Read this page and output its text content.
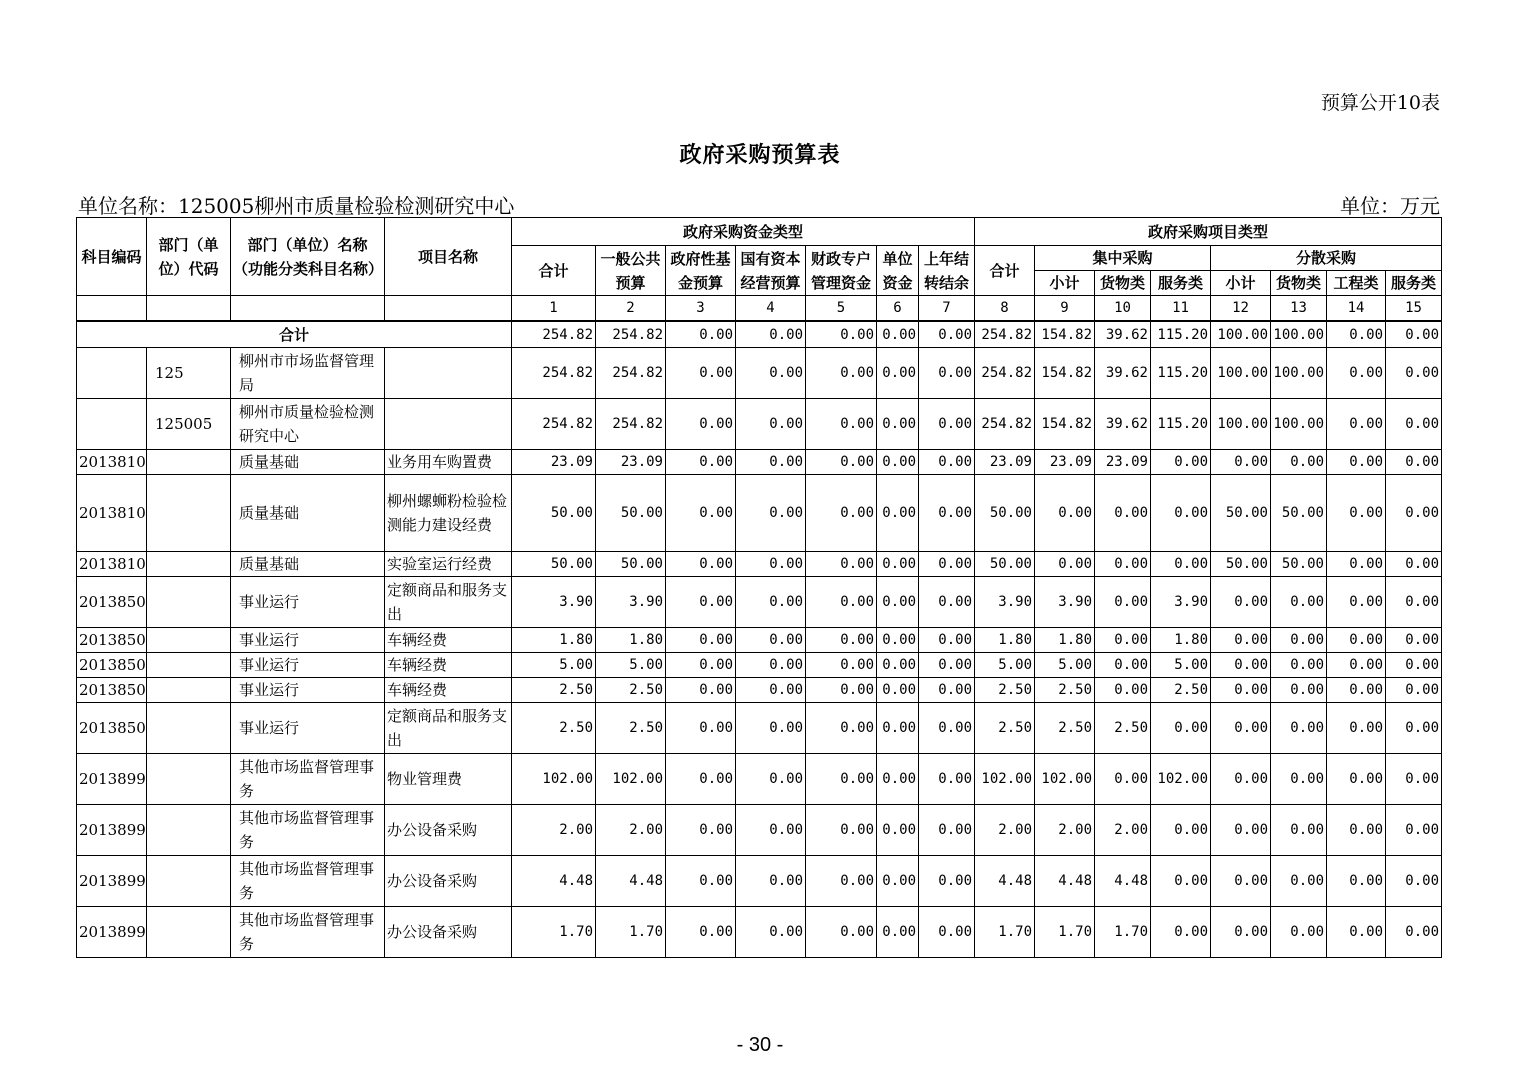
预算公开10表
政府采购预算表
单位名称：125005柳州市质量检验检测研究中心	单位：万元
科目编码	部门（单位）代码	部门（单位）名称（功能分类科目名称）	项目名称	政府采购资金类型							政府采购项目类型							
				合计	一般公共预算	政府性基金预算	国有资本经营预算	财政专户管理资金	单位资金	上年结转结余	合计	集中采购			分散采购			
												小计	货物类	服务类	小计	货物类	工程类	服务类
				1	2	3	4	5	6	7	8	9	10	11	12	13	14	15
合计				254.82	254.82	0.00	0.00	0.00	0.00	0.00	254.82	154.82	39.62	115.20	100.00	100.00	0.00	0.00
	125	柳州市市场监督管理局		254.82	254.82	0.00	0.00	0.00	0.00	0.00	254.82	154.82	39.62	115.20	100.00	100.00	0.00	0.00
	125005	柳州市质量检验检测研究中心		254.82	254.82	0.00	0.00	0.00	0.00	0.00	254.82	154.82	39.62	115.20	100.00	100.00	0.00	0.00
2013810		质量基础	业务用车购置费	23.09	23.09	0.00	0.00	0.00	0.00	0.00	23.09	23.09	23.09	0.00	0.00	0.00	0.00	0.00
2013810		质量基础	柳州螺蛳粉检验检测能力建设经费	50.00	50.00	0.00	0.00	0.00	0.00	0.00	50.00	0.00	0.00	0.00	50.00	50.00	0.00	0.00
2013810		质量基础	实验室运行经费	50.00	50.00	0.00	0.00	0.00	0.00	0.00	50.00	0.00	0.00	0.00	50.00	50.00	0.00	0.00
2013850		事业运行	定额商品和服务支出	3.90	3.90	0.00	0.00	0.00	0.00	0.00	3.90	3.90	0.00	3.90	0.00	0.00	0.00	0.00
2013850		事业运行	车辆经费	1.80	1.80	0.00	0.00	0.00	0.00	0.00	1.80	1.80	0.00	1.80	0.00	0.00	0.00	0.00
2013850		事业运行	车辆经费	5.00	5.00	0.00	0.00	0.00	0.00	0.00	5.00	5.00	0.00	5.00	0.00	0.00	0.00	0.00
2013850		事业运行	车辆经费	2.50	2.50	0.00	0.00	0.00	0.00	0.00	2.50	2.50	0.00	2.50	0.00	0.00	0.00	0.00
2013850		事业运行	定额商品和服务支出	2.50	2.50	0.00	0.00	0.00	0.00	0.00	2.50	2.50	2.50	0.00	0.00	0.00	0.00	0.00
2013899		其他市场监督管理事务	物业管理费	102.00	102.00	0.00	0.00	0.00	0.00	0.00	102.00	102.00	0.00	102.00	0.00	0.00	0.00	0.00
2013899		其他市场监督管理事务	办公设备采购	2.00	2.00	0.00	0.00	0.00	0.00	0.00	2.00	2.00	2.00	0.00	0.00	0.00	0.00	0.00
2013899		其他市场监督管理事务	办公设备采购	4.48	4.48	0.00	0.00	0.00	0.00	0.00	4.48	4.48	4.48	0.00	0.00	0.00	0.00	0.00
2013899		其他市场监督管理事务	办公设备采购	1.70	1.70	0.00	0.00	0.00	0.00	0.00	1.70	1.70	1.70	0.00	0.00	0.00	0.00	0.00
- 30 -
